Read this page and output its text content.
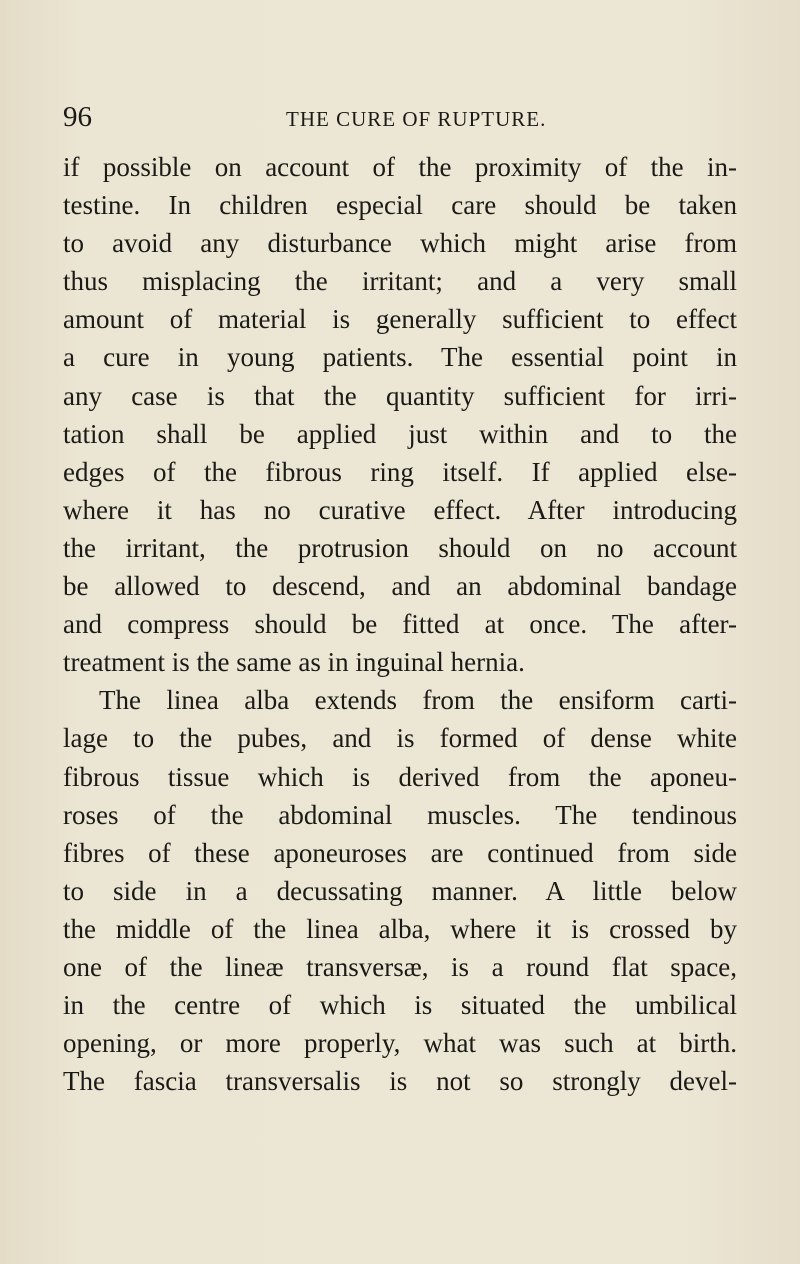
96	THE CURE OF RUPTURE.
if possible on account of the proximity of the in-
testine. In children especial care should be taken
to avoid any disturbance which might arise from
thus misplacing the irritant; and a very small
amount of material is generally sufficient to effect
a cure in young patients. The essential point in
any case is that the quantity sufficient for irri-
tation shall be applied just within and to the
edges of the fibrous ring itself. If applied else-
where it has no curative effect. After introducing
the irritant, the protrusion should on no account
be allowed to descend, and an abdominal bandage
and compress should be fitted at once. The after-
treatment is the same as in inguinal hernia.
The linea alba extends from the ensiform carti-
lage to the pubes, and is formed of dense white
fibrous tissue which is derived from the aponeu-
roses of the abdominal muscles. The tendinous
fibres of these aponeuroses are continued from side
to side in a decussating manner. A little below
the middle of the linea alba, where it is crossed by
one of the lineæ transversæ, is a round flat space,
in the centre of which is situated the umbilical
opening, or more properly, what was such at birth.
The fascia transversalis is not so strongly devel-
